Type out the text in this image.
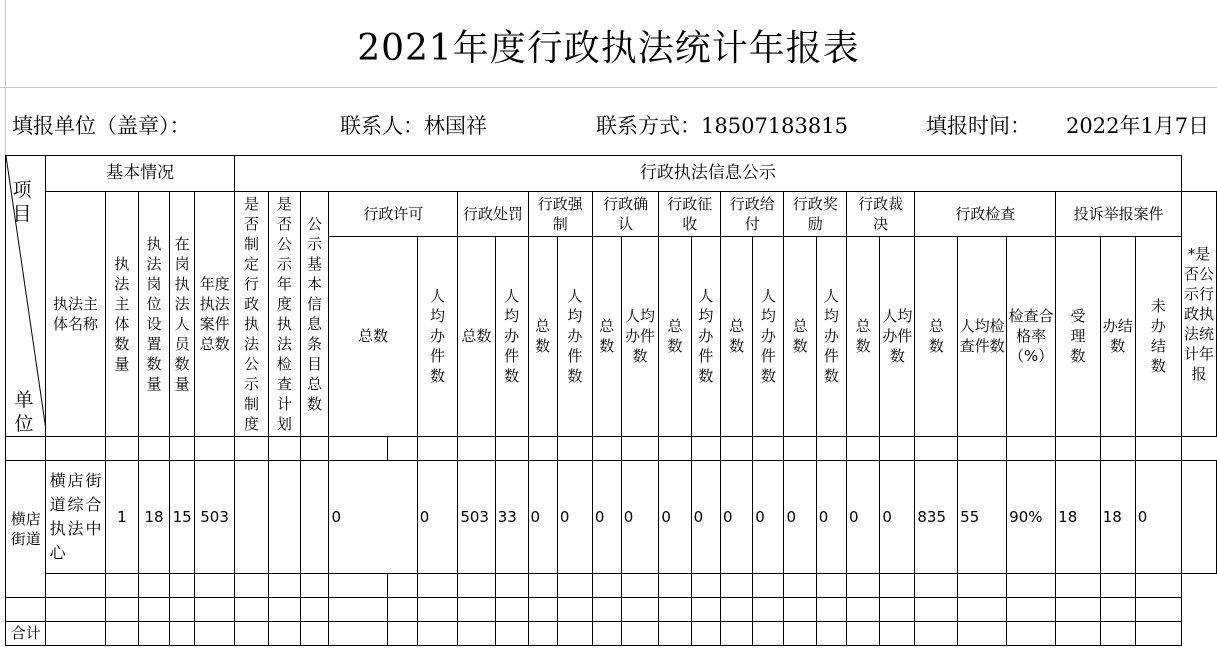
2021年度行政执法统计年报表
填报单位（盖章）：	联系人：林国祥	联系方式：18507183815	填报时间： 2022年1月7日
项目
单位	基本情况					行政执法信息公示																										
	执法主体名称	执法主体数量	执法岗位设置数量	在岗执法人员数量	年度执法案件总数	是否制定行政执法公示制度	是否公示年度执法检查计划	公示基本信息条目总数	行政许可			行政处罚		行政强制		行政确认		行政征收		行政给付		行政奖励		行政裁决		行政检查			投诉举报案件			*是否公示行政执法统计年报
									总数		人均办件数	总数	人均办件数	总数	人均办件数	总数	人均办件数	总数	人均办件数	总数	人均办件数	总数	人均办件数	总数	人均办件数	总数	人均检查件数	检查合格率（%）	受理数	办结数	未办结数	

横店街道	横店街道综合执法中心	1	18	15	503				0		0	503	33	0	0	0	0	0	0	0	0	0	0	0	0	835	55	90%	18	18	0	

合计																																
